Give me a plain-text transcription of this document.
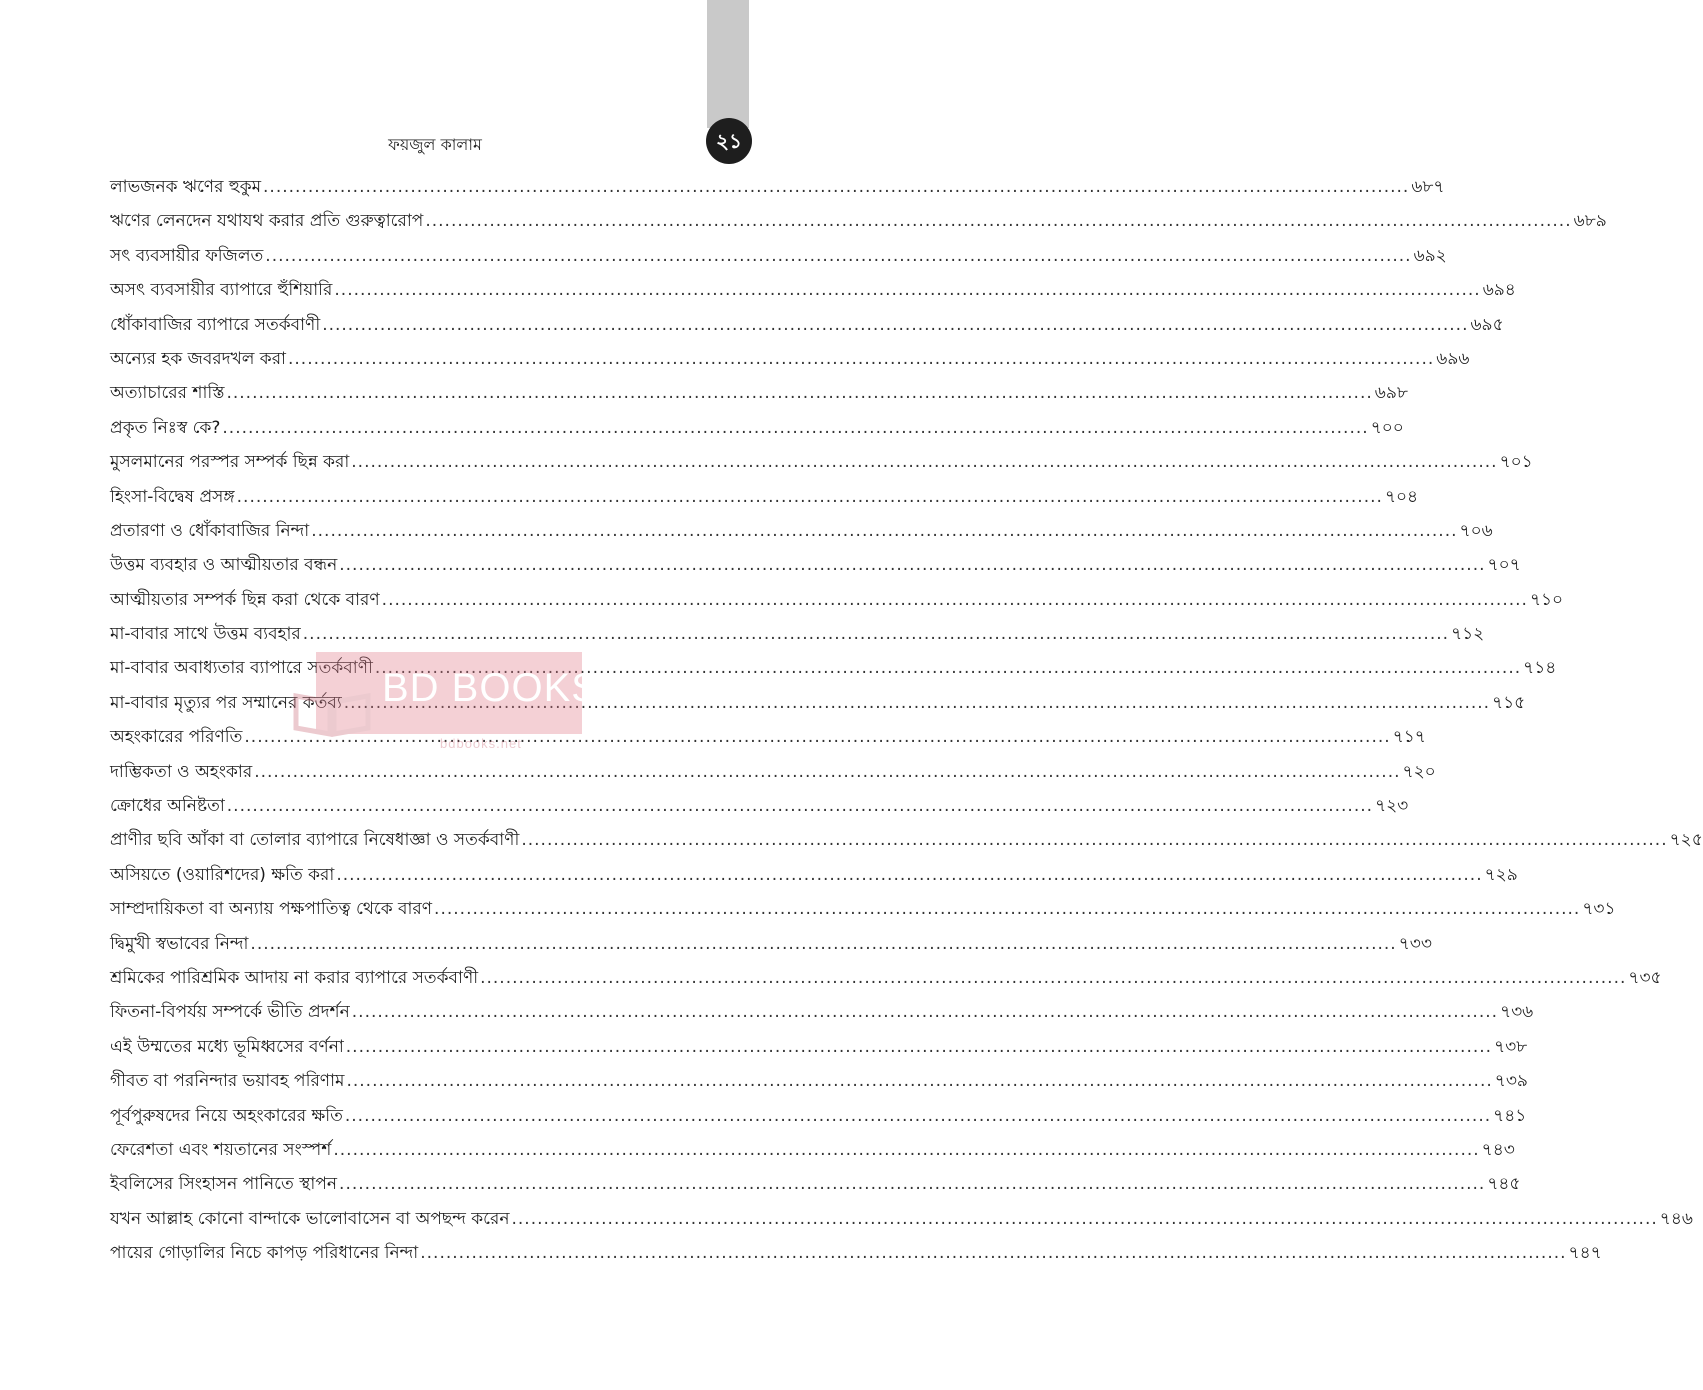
২১
ফয়জুল কালাম
লাভজনক ঋণের হুকুম .....	৬৮৭
ঋণের লেনদেন যথাযথ করার প্রতি গুরুত্বারোপ .....	৬৮৯
সৎ ব্যবসায়ীর ফজিলত .....	৬৯২
অসৎ ব্যবসায়ীর ব্যাপারে হুঁশিয়ারি .....	৬৯৪
ধোঁকাবাজির ব্যাপারে সতর্কবাণী .....	৬৯৫
অন্যের হক জবরদখল করা .....	৬৯৬
অত্যাচারের শাস্তি .....	৬৯৮
প্রকৃত নিঃস্ব কে? .....	৭০০
মুসলমানের পরস্পর সম্পর্ক ছিন্ন করা .....	৭০১
হিংসা-বিদ্বেষ প্রসঙ্গ .....	৭০৪
প্রতারণা ও ধোঁকাবাজির নিন্দা .....	৭০৬
উত্তম ব্যবহার ও আত্মীয়তার বন্ধন .....	৭০৭
আত্মীয়তার সম্পর্ক ছিন্ন করা থেকে বারণ .....	৭১০
মা-বাবার সাথে উত্তম ব্যবহার .....	৭১২
মা-বাবার অবাধ্যতার ব্যাপারে সতর্কবাণী .....	৭১৪
মা-বাবার মৃত্যুর পর সম্মানের কর্তব্য .....	৭১৫
অহংকারের পরিণতি .....	৭১৭
দাম্ভিকতা ও অহংকার .....	৭২০
ক্রোধের অনিষ্টতা .....	৭২৩
প্রাণীর ছবি আঁকা বা তোলার ব্যাপারে নিষেধাজ্ঞা ও সতর্কবাণী .....	৭২৫
অসিয়তে (ওয়ারিশদের) ক্ষতি করা .....	৭২৯
সাম্প্রদায়িকতা বা অন্যায় পক্ষপাতিত্ব থেকে বারণ .....	৭৩১
দ্বিমুখী স্বভাবের নিন্দা .....	৭৩৩
শ্রমিকের পারিশ্রমিক আদায় না করার ব্যাপারে সতর্কবাণী .....	৭৩৫
ফিতনা-বিপর্যয় সম্পর্কে ভীতি প্রদর্শন .....	৭৩৬
এই উম্মতের মধ্যে ভূমিধ্বসের বর্ণনা .....	৭৩৮
গীবত বা পরনিন্দার ভয়াবহ পরিণাম .....	৭৩৯
পূর্বপুরুষদের নিয়ে অহংকারের ক্ষতি .....	৭৪১
ফেরেশতা এবং শয়তানের সংস্পর্শ .....	৭৪৩
ইবলিসের সিংহাসন পানিতে স্থাপন .....	৭৪৫
যখন আল্লাহ কোনো বান্দাকে ভালোবাসেন বা অপছন্দ করেন .....	৭৪৬
পায়ের গোড়ালির নিচে কাপড় পরিধানের নিন্দা .....	৭৪৭
BD BOOKS
bdbooks.net
